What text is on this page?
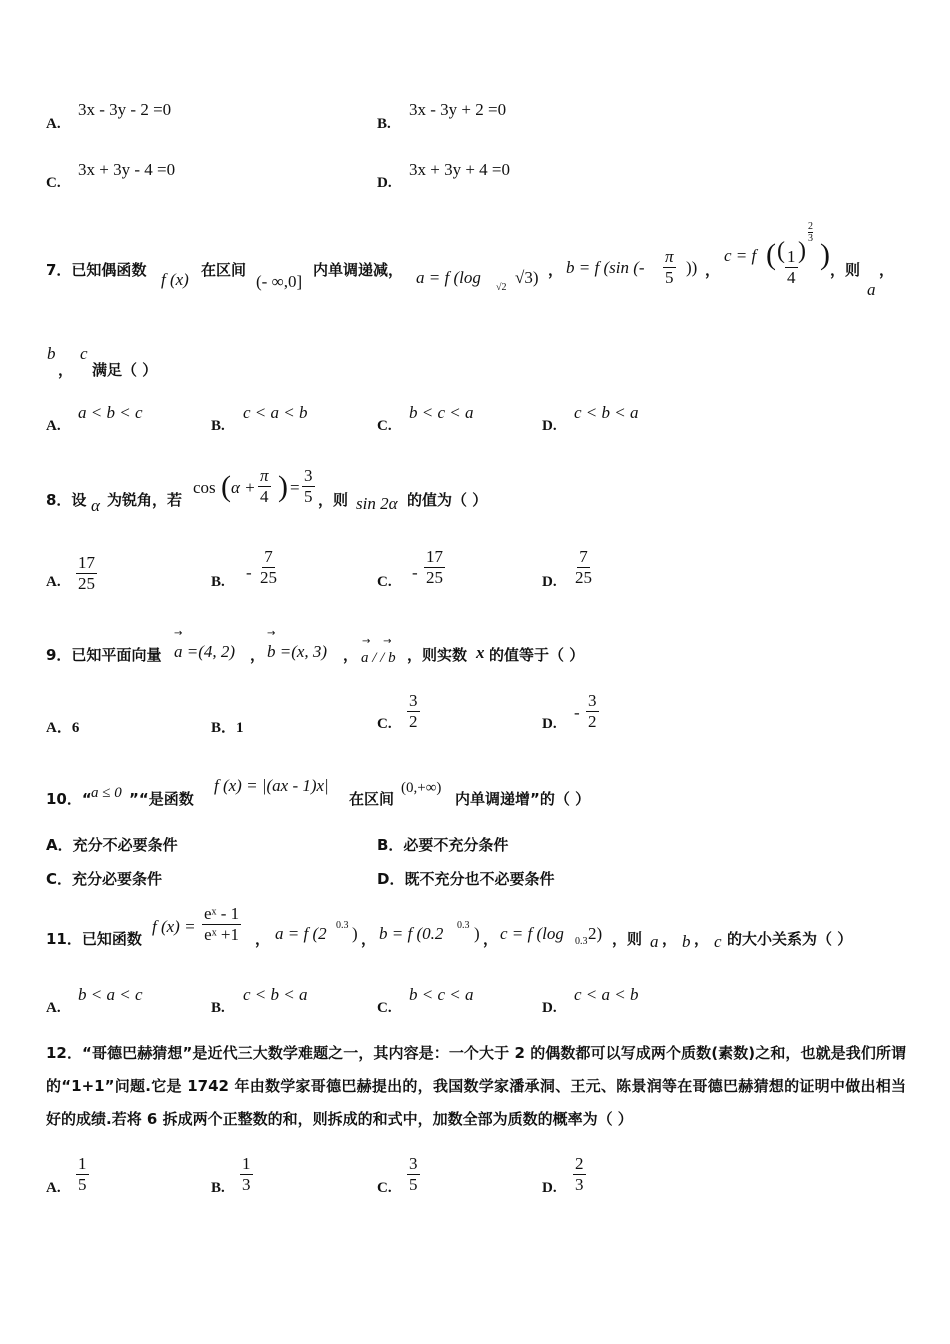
A.
3x - 3y - 2 =0
B.
3x - 3y + 2 =0
C.
3x + 3y - 4 =0
D.
3x + 3y + 4 =0
7．已知偶函数 f (x) 在区间
(- ∞,0]
内单调递减， a = f (log
√2
√3) ， b = f (sin (- $\frac{\pi}{5}$ )) ，
c = f ( ( $\frac{1}{4}$ )
$\frac{2}{3}$
) ，则
a
，
b
，
c
满足（ ）
A.
a < b < c
B.
c < a < b
C.
b < c < a
D.
c < b < a
8．设 α 为锐角，若
cos ( $\alpha + \frac{\pi}{4}$ ) = $\frac{3}{5}$ ，则 sin 2α 的值为（ ）
A. $\frac{17}{25}$	B. - $\frac{7}{25}$	C. - $\frac{17}{25}$	D. $\frac{7}{25}$
9．已知平面向量
→
a =(4, 2) ，
→
b =(x, 3) ，
→    →
a / / b ，则实数 x 的值等于（ ）
A．6	B．1	C. $\frac{3}{2}$	D.
- $\frac{3}{2}$
10．“ a ≤ 0 ”“是函数
f (x) = |(ax - 1)x|
在区间
(0,+∞)
内单调递增”的（ ）
A．充分不必要条件	B．必要不充分条件
C．充分必要条件	D．既不充分也不必要条件
11．已知函数
f $(x) = \frac{\text{eˣ - 1}}{\text{eˣ +1}}$ ， a = f (2 0.3 ) ， b = f (0.2 0.3 ) ， c = f (log 0.3 2) ，则 a ， b ， c 的大小关系为（ ）
A.
b < a < c
B.
c < b < a
C.
b < c < a
D.
c < a < b
12．“哥德巴赫猜想”是近代三大数学难题之一，其内容是：一个大于 2 的偶数都可以写成两个质数(素数)之和，也就是我们所谓的“1+1”问题.它是 1742 年由数学家哥德巴赫提出的，我国数学家潘承洞、王元、陈景润等在哥德巴赫猜想的证明中做出相当好的成绩.若将 6 拆成两个正整数的和，则拆成的和式中，加数全部为质数的概率为（ ）
A. $\frac{1}{5}$	B. $\frac{1}{3}$	C. $\frac{3}{5}$	D. $\frac{2}{3}$
